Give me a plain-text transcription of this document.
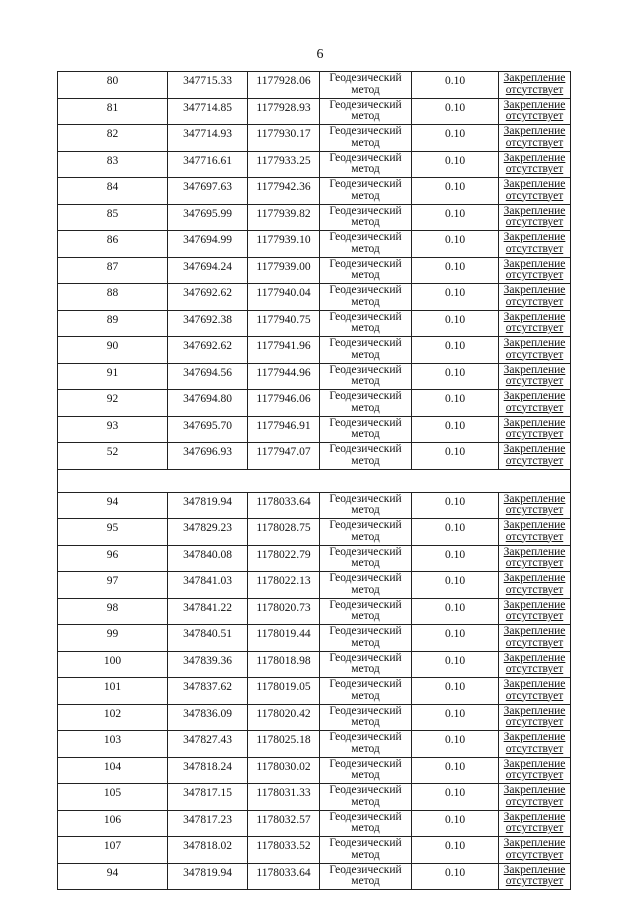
6
80	347715.33	1177928.06	Геодезический метод	0.10	Закрепление отсутствует
81	347714.85	1177928.93	Геодезический метод	0.10	Закрепление отсутствует
82	347714.93	1177930.17	Геодезический метод	0.10	Закрепление отсутствует
83	347716.61	1177933.25	Геодезический метод	0.10	Закрепление отсутствует
84	347697.63	1177942.36	Геодезический метод	0.10	Закрепление отсутствует
85	347695.99	1177939.82	Геодезический метод	0.10	Закрепление отсутствует
86	347694.99	1177939.10	Геодезический метод	0.10	Закрепление отсутствует
87	347694.24	1177939.00	Геодезический метод	0.10	Закрепление отсутствует
88	347692.62	1177940.04	Геодезический метод	0.10	Закрепление отсутствует
89	347692.38	1177940.75	Геодезический метод	0.10	Закрепление отсутствует
90	347692.62	1177941.96	Геодезический метод	0.10	Закрепление отсутствует
91	347694.56	1177944.96	Геодезический метод	0.10	Закрепление отсутствует
92	347694.80	1177946.06	Геодезический метод	0.10	Закрепление отсутствует
93	347695.70	1177946.91	Геодезический метод	0.10	Закрепление отсутствует
52	347696.93	1177947.07	Геодезический метод	0.10	Закрепление отсутствует

94	347819.94	1178033.64	Геодезический метод	0.10	Закрепление отсутствует
95	347829.23	1178028.75	Геодезический метод	0.10	Закрепление отсутствует
96	347840.08	1178022.79	Геодезический метод	0.10	Закрепление отсутствует
97	347841.03	1178022.13	Геодезический метод	0.10	Закрепление отсутствует
98	347841.22	1178020.73	Геодезический метод	0.10	Закрепление отсутствует
99	347840.51	1178019.44	Геодезический метод	0.10	Закрепление отсутствует
100	347839.36	1178018.98	Геодезический метод	0.10	Закрепление отсутствует
101	347837.62	1178019.05	Геодезический метод	0.10	Закрепление отсутствует
102	347836.09	1178020.42	Геодезический метод	0.10	Закрепление отсутствует
103	347827.43	1178025.18	Геодезический метод	0.10	Закрепление отсутствует
104	347818.24	1178030.02	Геодезический метод	0.10	Закрепление отсутствует
105	347817.15	1178031.33	Геодезический метод	0.10	Закрепление отсутствует
106	347817.23	1178032.57	Геодезический метод	0.10	Закрепление отсутствует
107	347818.02	1178033.52	Геодезический метод	0.10	Закрепление отсутствует
94	347819.94	1178033.64	Геодезический метод	0.10	Закрепление отсутствует
